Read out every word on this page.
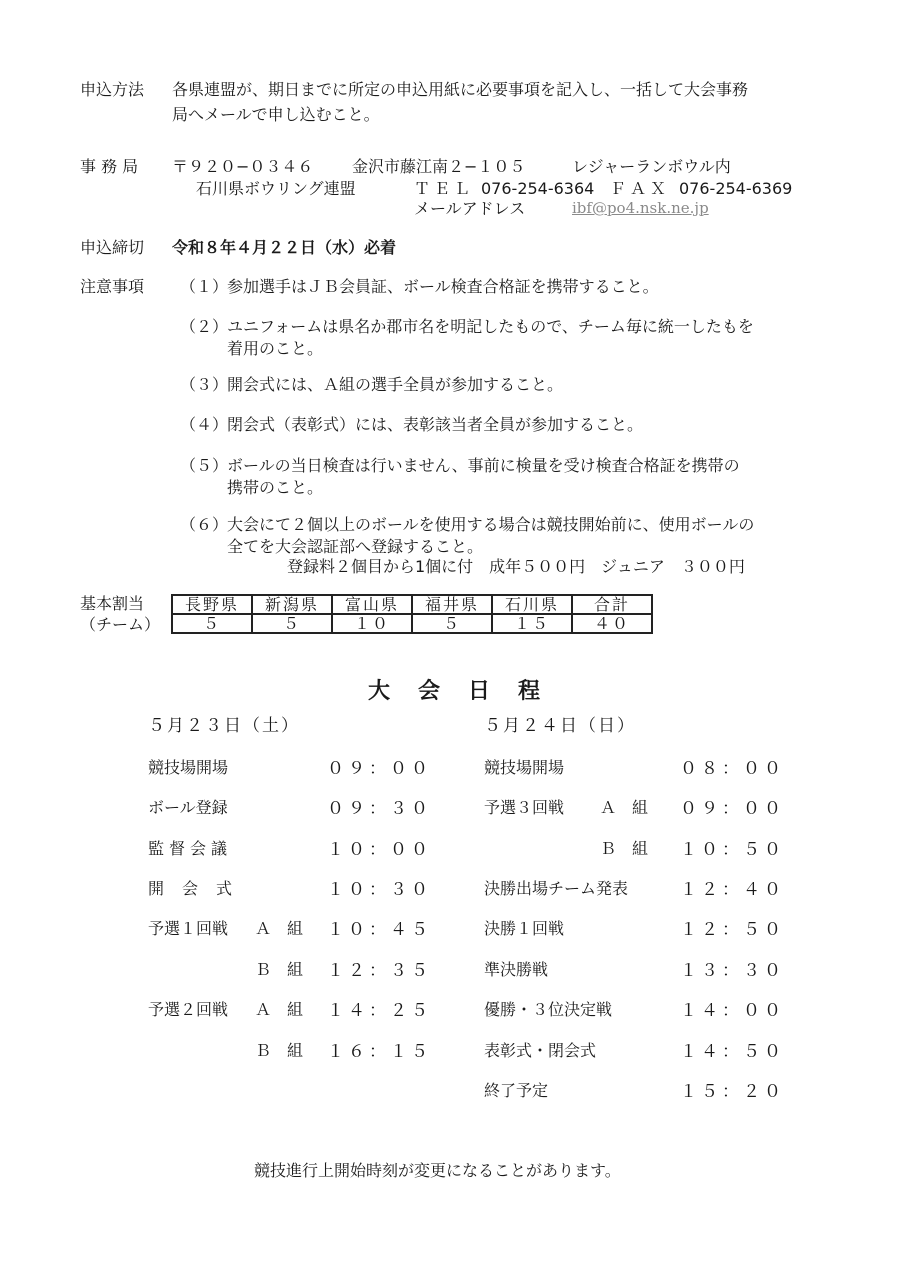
申込方法 各県連盟が、期日までに所定の申込用紙に必要事項を記入し、一括して大会事務
局へメールで申し込むこと。
事 務 局 〒９２０−０３４６ 金沢市藤江南２−１０５	レジャーランボウル内
石川県ボウリング連盟	ＴＥＬ 076-254-6364 ＦＡＸ 076-254-6369
メールアドレス	ibf@po4.nsk.ne.jp
申込締切 令和８年４月２２日（水）必着
注意事項 （１）
参加選手はＪＢ会員証、ボール検査合格証を携帯すること。
（２）
ユニフォームは県名か郡市名を明記したもので、チーム毎に統一したもを
着用のこと。
（３）
開会式には、Ａ組の選手全員が参加すること。
（４）
閉会式（表彰式）には、表彰該当者全員が参加すること。
（５）
ボールの当日検査は行いません、事前に検量を受け検査合格証を携帯の
携帯のこと。
（６）
大会にて２個以上のボールを使用する場合は競技開始前に、使用ボールの
全てを大会認証部へ登録すること。
登録料２個目から1個に付　成年５００円　ジュニア　３００円
基本割当
（チーム）
長野県	新潟県	富山県	福井県	石川県	合計
５	５	１０	５	１５	４０
大会日程
５月２３日（土）
競技場開場	０９：００
ボール登録	０９：３０
監督会議	１０：００
開会式	１０：３０
予選１回戦 Ａ　組 １０：４５
Ｂ　組 １２：３５
予選２回戦 Ａ　組 １４：２５
Ｂ　組 １６：１５
５月２４日（日）
競技場開場	０８：００
予選３回戦 Ａ　組 ０９：００
Ｂ　組 １０：５０
決勝出場チーム発表	１２：４０
決勝１回戦	１２：５０
準決勝戦	１３：３０
優勝・３位決定戦	１４：００
表彰式・閉会式	１４：５０
終了予定	１５：２０
競技進行上開始時刻が変更になることがあります。
